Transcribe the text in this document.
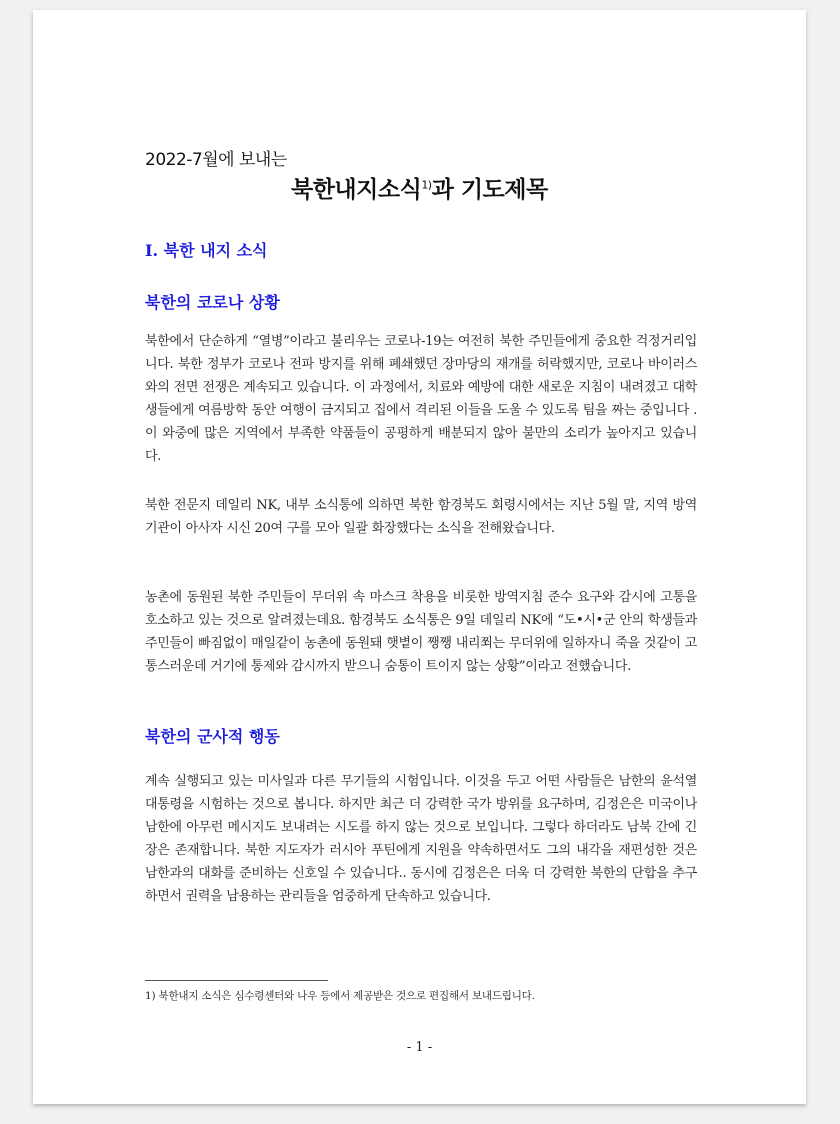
2022-7월에 보내는
북한내지소식$^{1)}$과 기도제목
Ⅰ. 북한 내지 소식
북한의 코로나 상황

북한에서 단순하게 “열병”이라고 불리우는 코로나-19는 여전히 북한 주민들에게 중요한 걱정거리입니다. 북한 정부가 코로나 전파 방지를 위해 폐쇄했던 장마당의 재개를 허락했지만, 코로나 바이러스와의 전면 전쟁은 계속되고 있습니다. 이 과정에서, 치료와 예방에 대한 새로운 지침이 내려졌고 대학생들에게 여름방학 동안 여행이 금지되고 집에서 격리된 이들을 도울 수 있도록 팀을 짜는 중입니다 . 이 와중에 많은 지역에서 부족한 약품들이 공평하게 배분되지 않아 불만의 소리가 높아지고 있습니다.

북한 전문지 데일리 NK, 내부 소식통에 의하면 북한 함경북도 회령시에서는 지난 5월 말, 지역 방역기관이 아사자 시신 20여 구를 모아 일괄 화장했다는 소식을 전해왔습니다.

농촌에 동원된 북한 주민들이 무더위 속 마스크 착용을 비롯한 방역지침 준수 요구와 감시에 고통을 호소하고 있는 것으로 알려졌는데요. 함경북도 소식통은 9일 데일리 NK에 “도•시•군 안의 학생들과 주민들이 빠짐없이 매일같이 농촌에 동원돼 햇볕이 쨍쨍 내리쬐는 무더위에 일하자니 죽을 것같이 고통스러운데 거기에 통제와 감시까지 받으니 숨통이 트이지 않는 상황”이라고 전했습니다.

북한의 군사적 행동

계속 실행되고 있는 미사일과 다른 무기들의 시험입니다. 이것을 두고 어떤 사람들은 남한의 윤석열 대통령을 시험하는 것으로 봅니다. 하지만 최근 더 강력한 국가 방위를 요구하며, 김정은은 미국이나 남한에 아무런 메시지도 보내려는 시도를 하지 않는 것으로 보입니다. 그렇다 하더라도 남북 간에 긴장은 존재합니다. 북한 지도자가 러시아 푸틴에게 지원을 약속하면서도 그의 내각을 재편성한 것은 남한과의 대화를 준비하는 신호일 수 있습니다.. 동시에 김정은은 더욱 더 강력한 북한의 단합을 추구하면서 권력을 남용하는 관리들을 엄중하게 단속하고 있습니다.

1) 북한내지 소식은 심수령센터와 나우 등에서 제공받은 것으로 편집해서 보내드립니다.
- 1 -
